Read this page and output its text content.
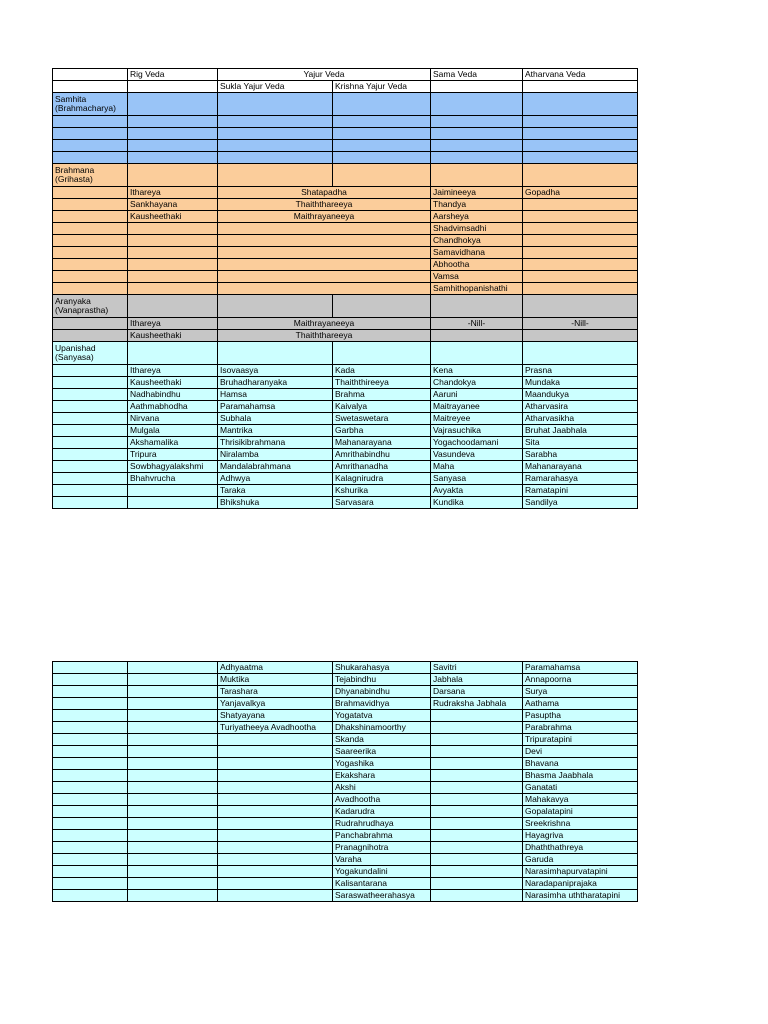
	Rig Veda	Yajur Veda		Sama Veda	Atharvana Veda
		Sukla Yajur Veda	Krishna Yajur Veda		
Samhita (Brahmacharya)					

Brahmana (Grihasta)					
	Ithareya	Shatapadha		Jaimineeya	Gopadha
	Sankhayana	Thaiththareeya		Thandya	
	Kausheethaki	Maithrayaneeya		Aarsheya	
				Shadvimsadhi	
				Chandhokya	
				Samavidhana	
				Abhootha	
				Vamsa	
				Samhithopanishathi	
Aranyaka (Vanaprastha)					
	Ithareya	Maithrayaneeya		-Nill-	-Nill-
	Kausheethaki	Thaiththareeya			
Upanishad (Sanyasa)					
	Ithareya	Isovaasya	Kada	Kena	Prasna
	Kausheethaki	Bruhadharanyaka	Thaiththireeya	Chandokya	Mundaka
	Nadhabindhu	Hamsa	Brahma	Aaruni	Maandukya
	Aathmabhodha	Paramahamsa	Kaivalya	Maitrayanee	Atharvasira
	Nirvana	Subhala	Swetaswetara	Maitreyee	Atharvasikha
	Mulgala	Mantrika	Garbha	Vajrasuchika	Bruhat Jaabhala
	Akshamalika	Thrisikibrahmana	Mahanarayana	Yogachoodamani	Sita
	Tripura	Niralamba	Amrithabindhu	Vasundeva	Sarabha
	Sowbhagyalakshmi	Mandalabrahmana	Amrithanadha	Maha	Mahanarayana
	Bhahvrucha	Adhwya	Kalagnirudra	Sanyasa	Ramarahasya
		Taraka	Kshurika	Avyakta	Ramatapini
		Bhikshuka	Sarvasara	Kundika	Sandilya
		Adhyaatma	Shukarahasya	Savitri	Paramahamsa
		Muktika	Tejabindhu	Jabhala	Annapoorna
		Tarashara	Dhyanabindhu	Darsana	Surya
		Yanjavalkya	Brahmavidhya	Rudraksha Jabhala	Aathama
		Shatyayana	Yogatatva		Pasuptha
		Turiyatheeya Avadhootha	Dhakshinamoorthy		Parabrahma
			Skanda		Tripuratapini
			Saareerika		Devi
			Yogashika		Bhavana
			Ekakshara		Bhasma Jaabhala
			Akshi		Ganatati
			Avadhootha		Mahakavya
			Kadarudra		Gopalatapini
			Rudrahrudhaya		Sreekrishna
			Panchabrahma		Hayagriva
			Pranagnihotra		Dhaththathreya
			Varaha		Garuda
			Yogakundalini		Narasimhapurvatapini
			Kalisantarana		Naradapaniprajaka
			Saraswatheerahasya		Narasimha uththaratapini
